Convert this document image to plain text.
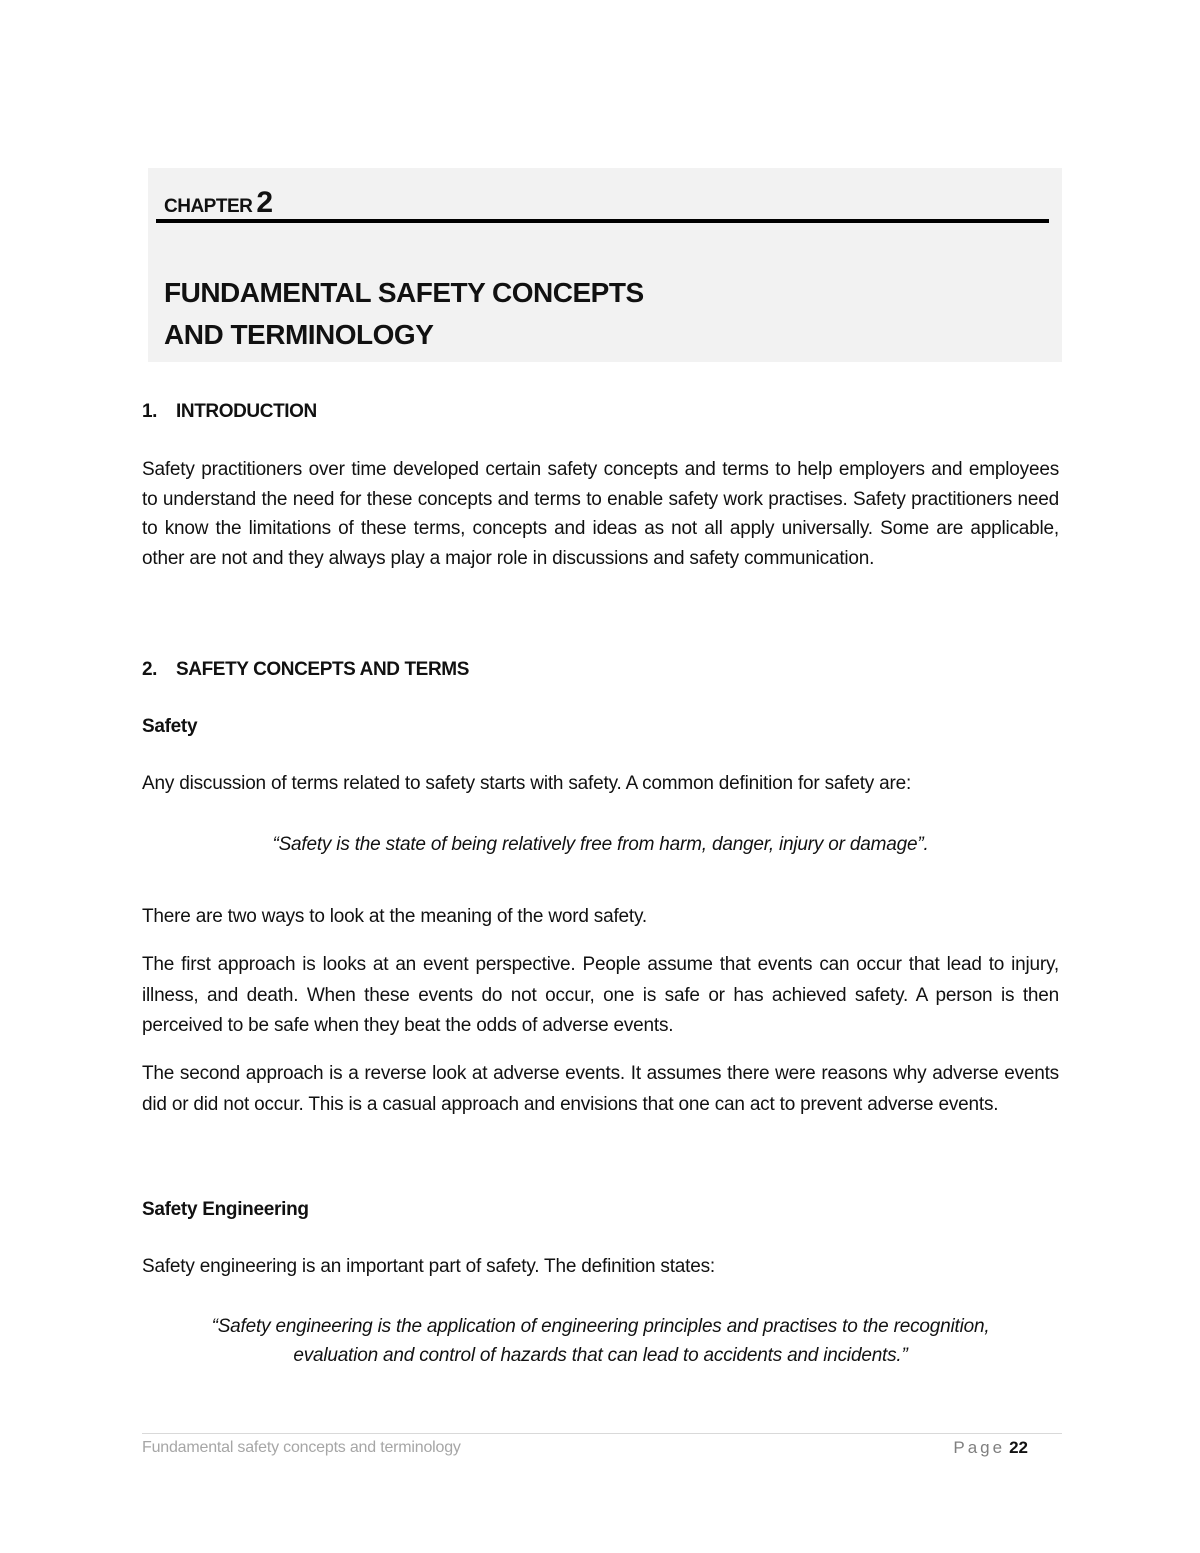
CHAPTER 2
FUNDAMENTAL SAFETY CONCEPTS
AND TERMINOLOGY
1. INTRODUCTION
Safety practitioners over time developed certain safety concepts and terms to help employers and employees to understand the need for these concepts and terms to enable safety work practises. Safety practitioners need to know the limitations of these terms, concepts and ideas as not all apply universally. Some are applicable, other are not and they always play a major role in discussions and safety communication.
2. SAFETY CONCEPTS AND TERMS
Safety
Any discussion of terms related to safety starts with safety. A common definition for safety are:
“Safety is the state of being relatively free from harm, danger, injury or damage”.
There are two ways to look at the meaning of the word safety.
The first approach is looks at an event perspective. People assume that events can occur that lead to injury, illness, and death. When these events do not occur, one is safe or has achieved safety. A person is then perceived to be safe when they beat the odds of adverse events.
The second approach is a reverse look at adverse events. It assumes there were reasons why adverse events did or did not occur. This is a casual approach and envisions that one can act to prevent adverse events.
Safety Engineering
Safety engineering is an important part of safety. The definition states:
“Safety engineering is the application of engineering principles and practises to the recognition,
evaluation and control of hazards that can lead to accidents and incidents.”
Fundamental safety concepts and terminology	Page 22
